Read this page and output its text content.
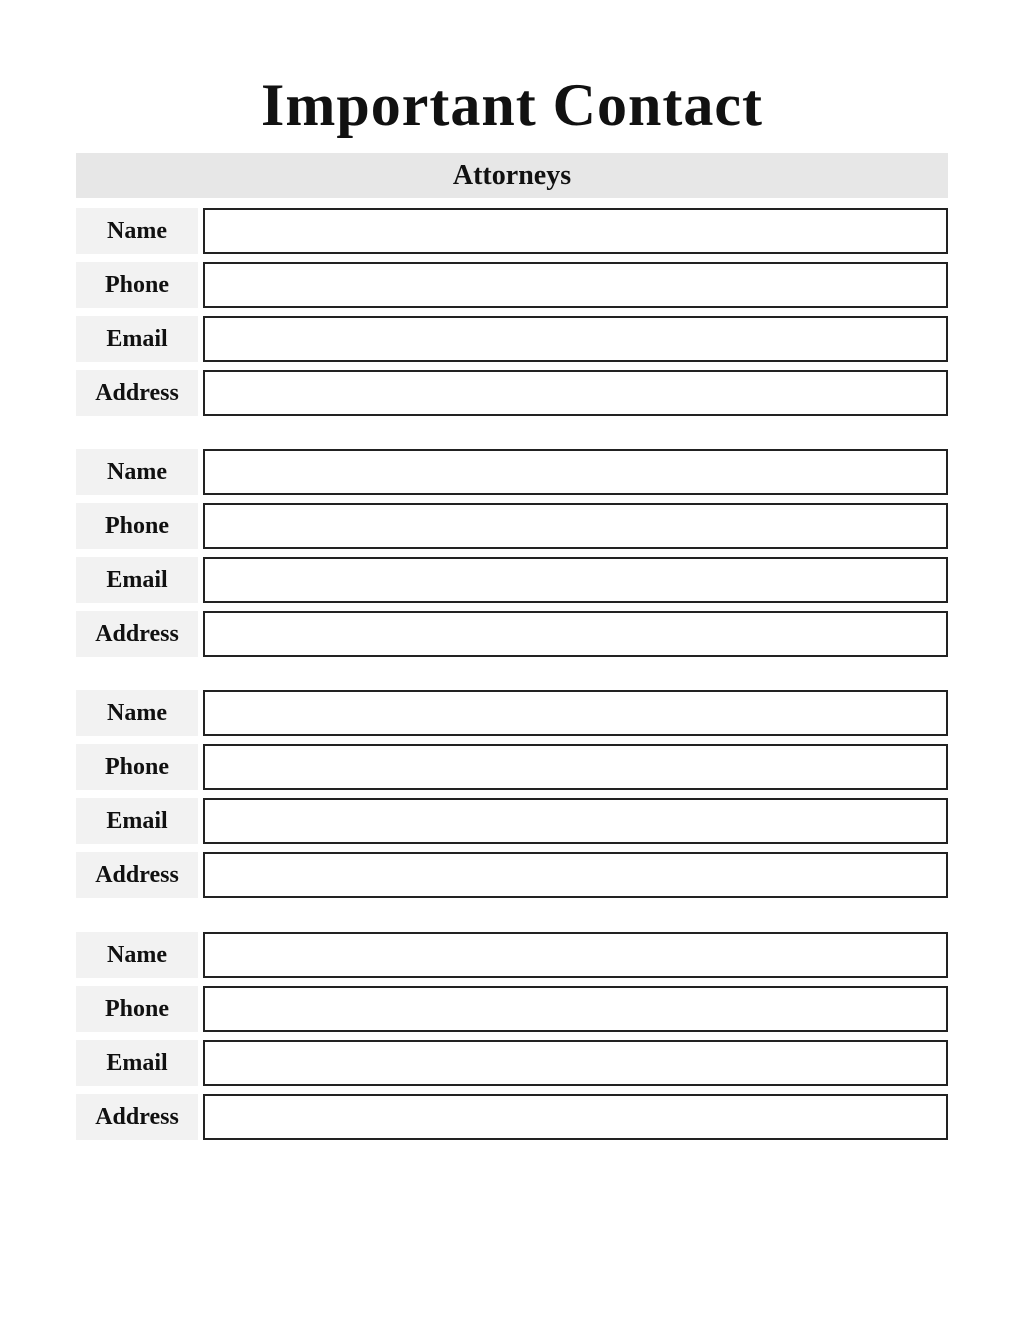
Important Contact
Attorneys
Name
Phone
Email
Address
Name
Phone
Email
Address
Name
Phone
Email
Address
Name
Phone
Email
Address
